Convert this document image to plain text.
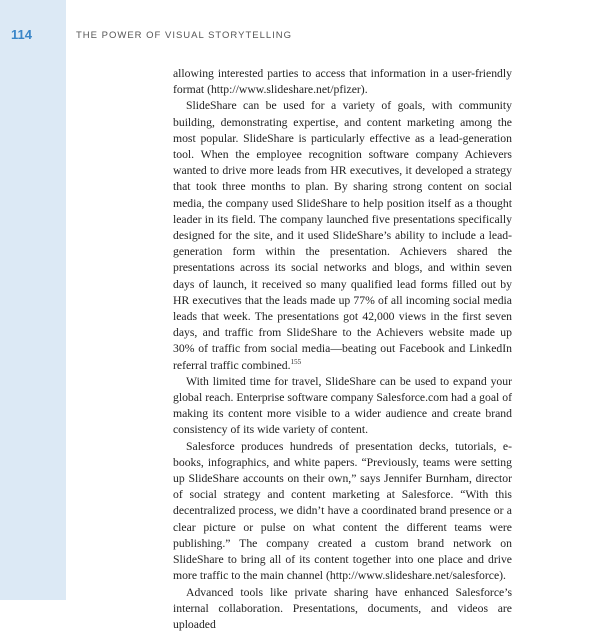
114	THE POWER OF VISUAL STORYTELLING

allowing interested parties to access that information in a user-friendly format (http://www.slideshare.net/pfizer).

SlideShare can be used for a variety of goals, with community building, demonstrating expertise, and content marketing among the most popular. SlideShare is particularly effective as a lead-generation tool. When the employee recognition software company Achievers wanted to drive more leads from HR executives, it developed a strategy that took three months to plan. By sharing strong content on social media, the company used SlideShare to help position itself as a thought leader in its field. The company launched five presentations specifically designed for the site, and it used SlideShare’s ability to include a lead-generation form within the presentation. Achievers shared the presentations across its social networks and blogs, and within seven days of launch, it received so many qualified lead forms filled out by HR executives that the leads made up 77% of all incoming social media leads that week. The presentations got 42,000 views in the first seven days, and traffic from SlideShare to the Achievers website made up 30% of traffic from social media—beating out Facebook and LinkedIn referral traffic combined.$^{155}$

With limited time for travel, SlideShare can be used to expand your global reach. Enterprise software company Salesforce.com had a goal of making its content more visible to a wider audience and create brand consistency of its wide variety of content.

Salesforce produces hundreds of presentation decks, tutorials, e-books, infographics, and white papers. “Previously, teams were setting up SlideShare accounts on their own,” says Jennifer Burnham, director of social strategy and content marketing at Salesforce. “With this decentralized process, we didn’t have a coordinated brand presence or a clear picture or pulse on what content the different teams were publishing.” The company created a custom brand network on SlideShare to bring all of its content together into one place and drive more traffic to the main channel (http://www.slideshare.net/salesforce).

Advanced tools like private sharing have enhanced Salesforce’s internal collaboration. Presentations, documents, and videos are uploaded
